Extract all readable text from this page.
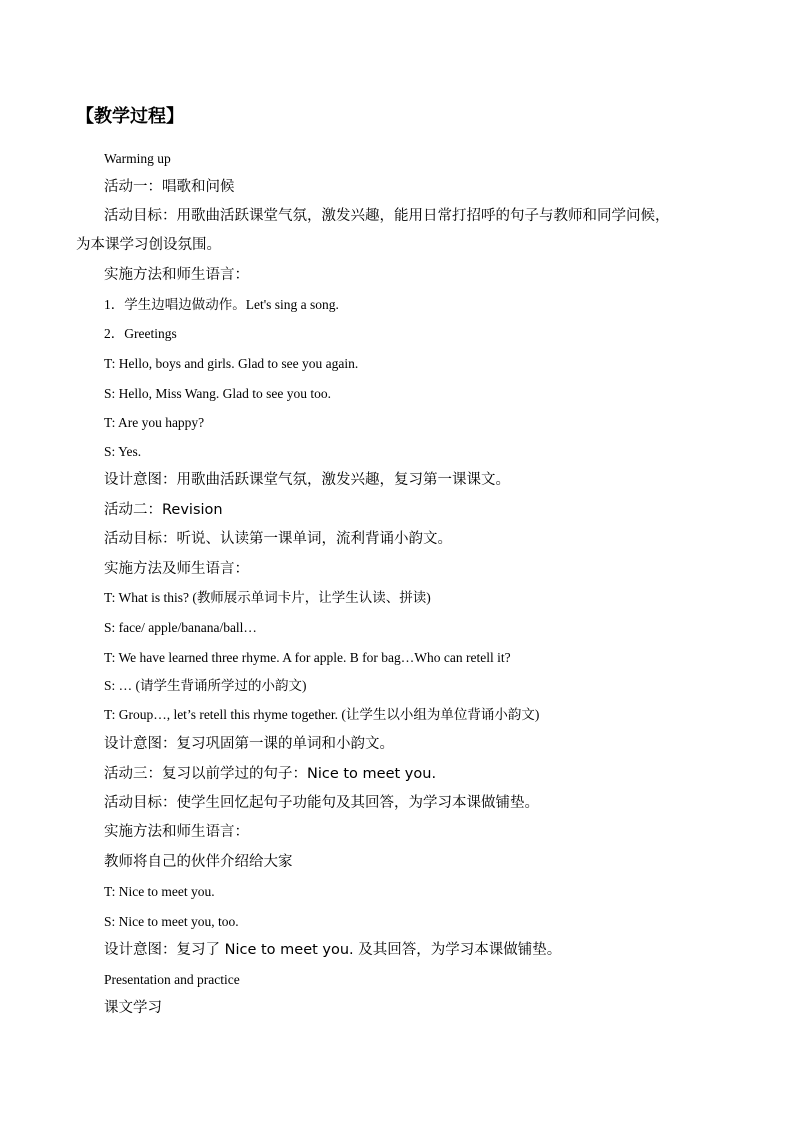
【教学过程】
Warming up
活动一：唱歌和问候
活动目标：用歌曲活跃课堂气氛，激发兴趣，能用日常打招呼的句子与教师和同学问候，
为本课学习创设氛围。
实施方法和师生语言：
1．学生边唱边做动作。Let's sing a song.
2．Greetings
T: Hello, boys and girls. Glad to see you again.
S: Hello, Miss Wang. Glad to see you too.
T: Are you happy?
S: Yes.
设计意图：用歌曲活跃课堂气氛，激发兴趣，复习第一课课文。
活动二：Revision
活动目标：听说、认读第一课单词，流利背诵小韵文。
实施方法及师生语言：
T: What is this? (教师展示单词卡片，让学生认读、拼读)
S: face/ apple/banana/ball…
T: We have learned three rhyme. A for apple. B for bag…Who can retell it?
S: … (请学生背诵所学过的小韵文)
T: Group…, let’s retell this rhyme together. (让学生以小组为单位背诵小韵文)
设计意图：复习巩固第一课的单词和小韵文。
活动三：复习以前学过的句子：Nice to meet you.
活动目标：使学生回忆起句子功能句及其回答，为学习本课做铺垫。
实施方法和师生语言：
教师将自己的伙伴介绍给大家
T: Nice to meet you.
S: Nice to meet you, too.
设计意图：复习了 Nice to meet you. 及其回答，为学习本课做铺垫。
Presentation and practice
课文学习
